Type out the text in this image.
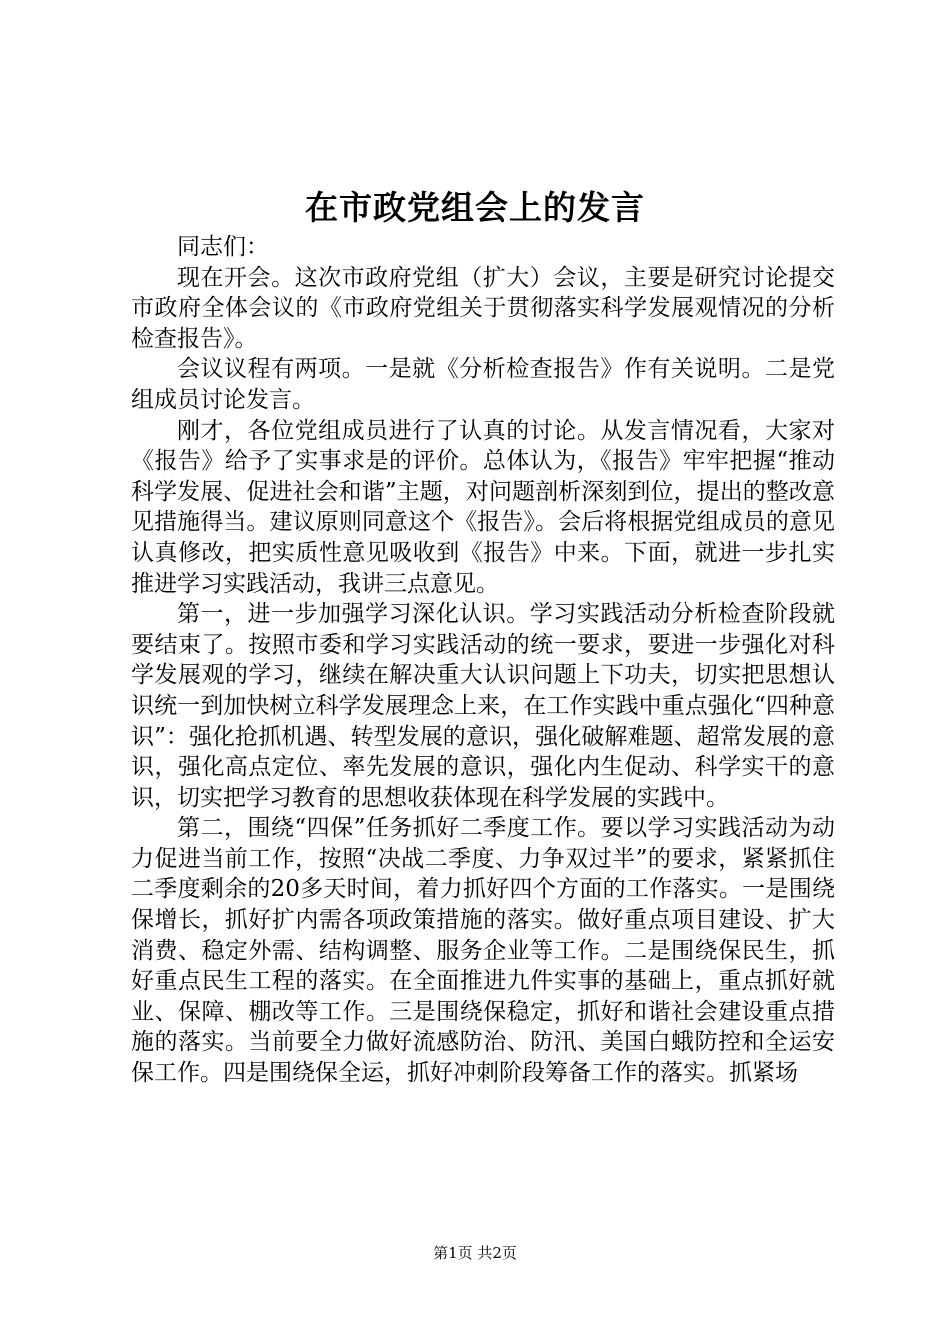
在市政党组会上的发言

同志们：

现在开会。这次市政府党组（扩大）会议，主要是研究讨论提交市政府全体会议的《市政府党组关于贯彻落实科学发展观情况的分析检查报告》。

会议议程有两项。一是就《分析检查报告》作有关说明。二是党组成员讨论发言。

刚才，各位党组成员进行了认真的讨论。从发言情况看，大家对《报告》给予了实事求是的评价。总体认为，《报告》牢牢把握“推动科学发展、促进社会和谐”主题，对问题剖析深刻到位，提出的整改意见措施得当。建议原则同意这个《报告》。会后将根据党组成员的意见认真修改，把实质性意见吸收到《报告》中来。下面，就进一步扎实推进学习实践活动，我讲三点意见。

第一，进一步加强学习深化认识。学习实践活动分析检查阶段就要结束了。按照市委和学习实践活动的统一要求，要进一步强化对科学发展观的学习，继续在解决重大认识问题上下功夫，切实把思想认识统一到加快树立科学发展理念上来，在工作实践中重点强化“四种意识”：强化抢抓机遇、转型发展的意识，强化破解难题、超常发展的意识，强化高点定位、率先发展的意识，强化内生促动、科学实干的意识，切实把学习教育的思想收获体现在科学发展的实践中。

第二，围绕“四保”任务抓好二季度工作。要以学习实践活动为动力促进当前工作，按照“决战二季度、力争双过半”的要求，紧紧抓住二季度剩余的20多天时间，着力抓好四个方面的工作落实。一是围绕保增长，抓好扩内需各项政策措施的落实。做好重点项目建设、扩大消费、稳定外需、结构调整、服务企业等工作。二是围绕保民生，抓好重点民生工程的落实。在全面推进九件实事的基础上，重点抓好就业、保障、棚改等工作。三是围绕保稳定，抓好和谐社会建设重点措施的落实。当前要全力做好流感防治、防汛、美国白蛾防控和全运安保工作。四是围绕保全运，抓好冲刺阶段筹备工作的落实。抓紧场

第1页 共2页
